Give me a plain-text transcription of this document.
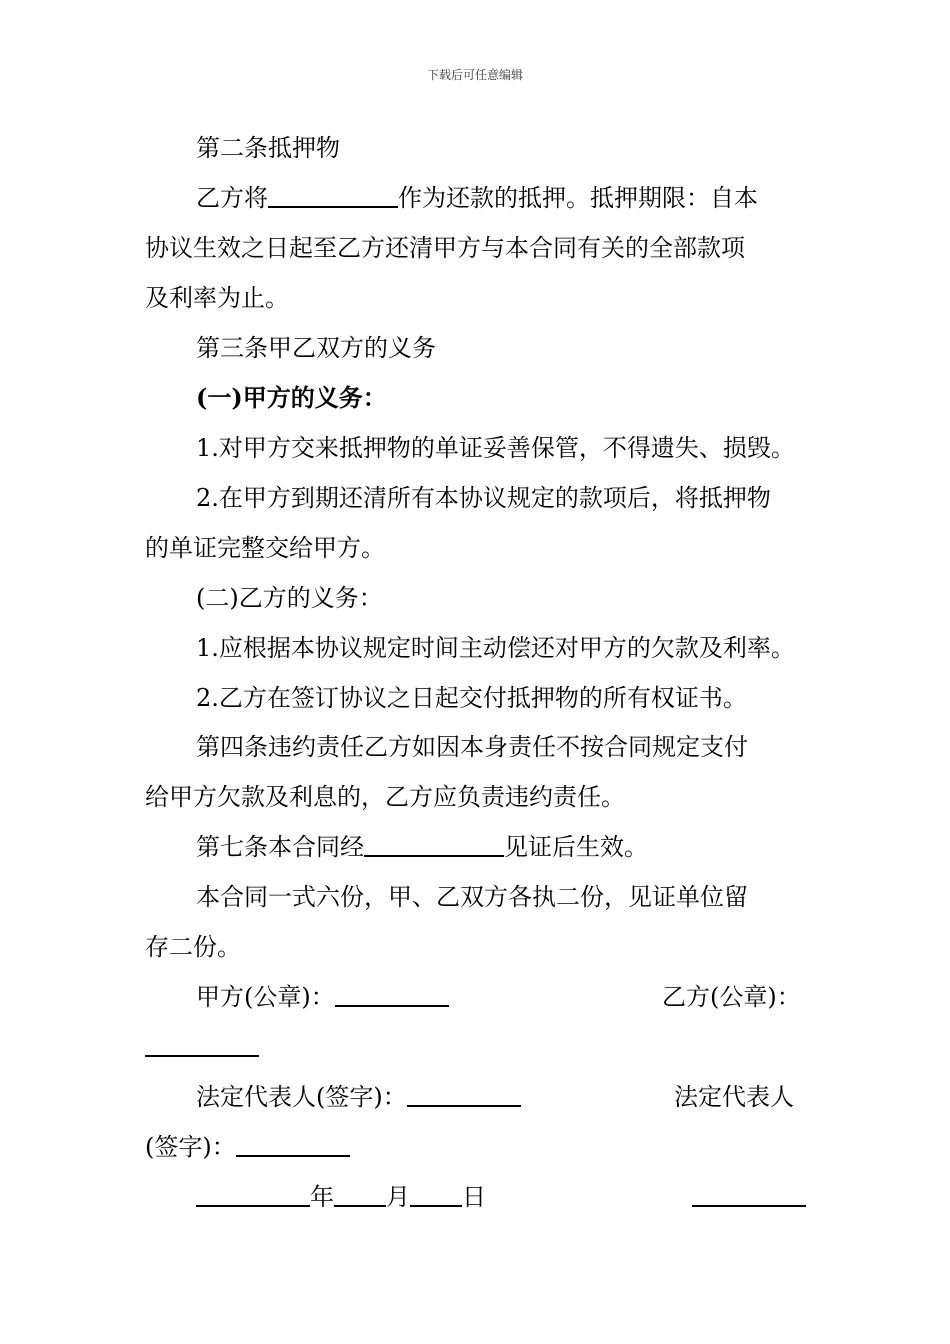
下载后可任意编辑
第二条抵押物
乙方将	作为还款的抵押。抵押期限：自本
协议生效之日起至乙方还清甲方与本合同有关的全部款项
及利率为止。
第三条甲乙双方的义务
(一)甲方的义务：
1.对甲方交来抵押物的单证妥善保管，不得遗失、损毁。
2.在甲方到期还清所有本协议规定的款项后，将抵押物
的单证完整交给甲方。
(二)乙方的义务：
1.应根据本协议规定时间主动偿还对甲方的欠款及利率。
2.乙方在签订协议之日起交付抵押物的所有权证书。
第四条违约责任乙方如因本身责任不按合同规定支付
给甲方欠款及利息的，乙方应负责违约责任。
第七条本合同经	见证后生效。
本合同一式六份，甲、乙双方各执二份，见证单位留
存二份。
甲方(公章)：	乙方(公章)：
法定代表人(签字)：	法定代表人
(签字)：
年 月 日
